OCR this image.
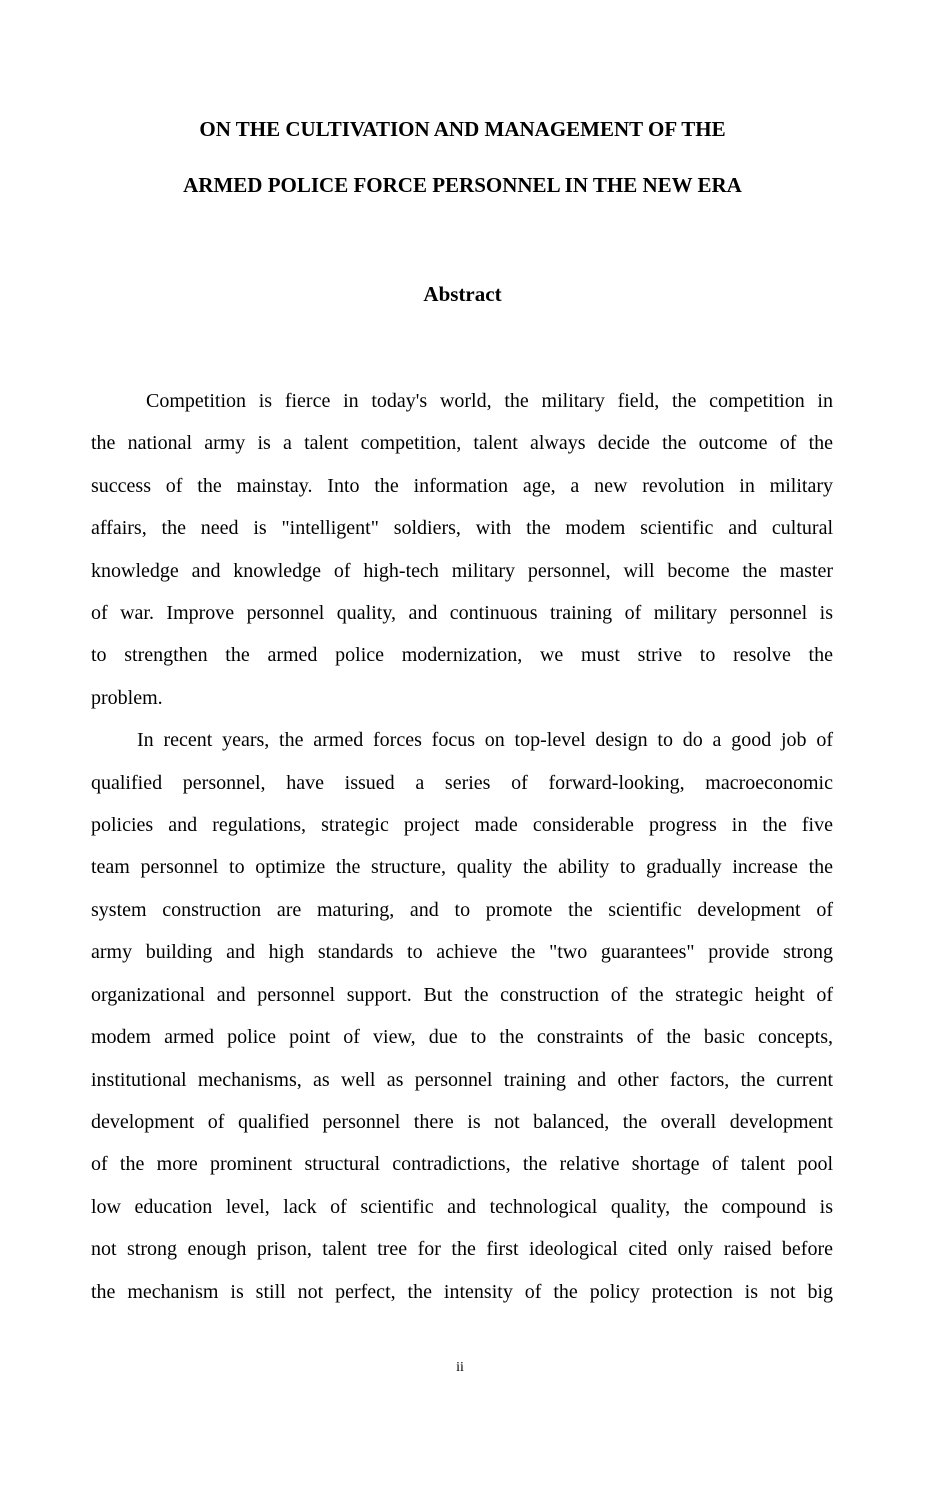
ON THE CULTIVATION AND MANAGEMENT OF THE
ARMED POLICE FORCE PERSONNEL IN THE NEW ERA
Abstract
Competition is fierce in today's world, the military field, the competition in
the national army is a talent competition, talent always decide the outcome of the
success of the mainstay. Into the information age, a new revolution in military
affairs, the need is "intelligent" soldiers, with the modem scientific and cultural
knowledge and knowledge of high-tech military personnel, will become the master
of war. Improve personnel quality, and continuous training of military personnel is
to strengthen the armed police modernization, we must strive to resolve the
problem.
In recent years, the armed forces focus on top-level design to do a good job of
qualified personnel, have issued a series of forward-looking, macroeconomic
policies and regulations, strategic project made considerable progress in the five
team personnel to optimize the structure, quality the ability to gradually increase the
system construction are maturing, and to promote the scientific development of
army building and high standards to achieve the "two guarantees" provide strong
organizational and personnel support. But the construction of the strategic height of
modem armed police point of view, due to the constraints of the basic concepts,
institutional mechanisms, as well as personnel training and other factors, the current
development of qualified personnel there is not balanced, the overall development
of the more prominent structural contradictions, the relative shortage of talent pool
low education level, lack of scientific and technological quality, the compound is
not strong enough prison, talent tree for the first ideological cited only raised before
the mechanism is still not perfect, the intensity of the policy protection is not big
ii
